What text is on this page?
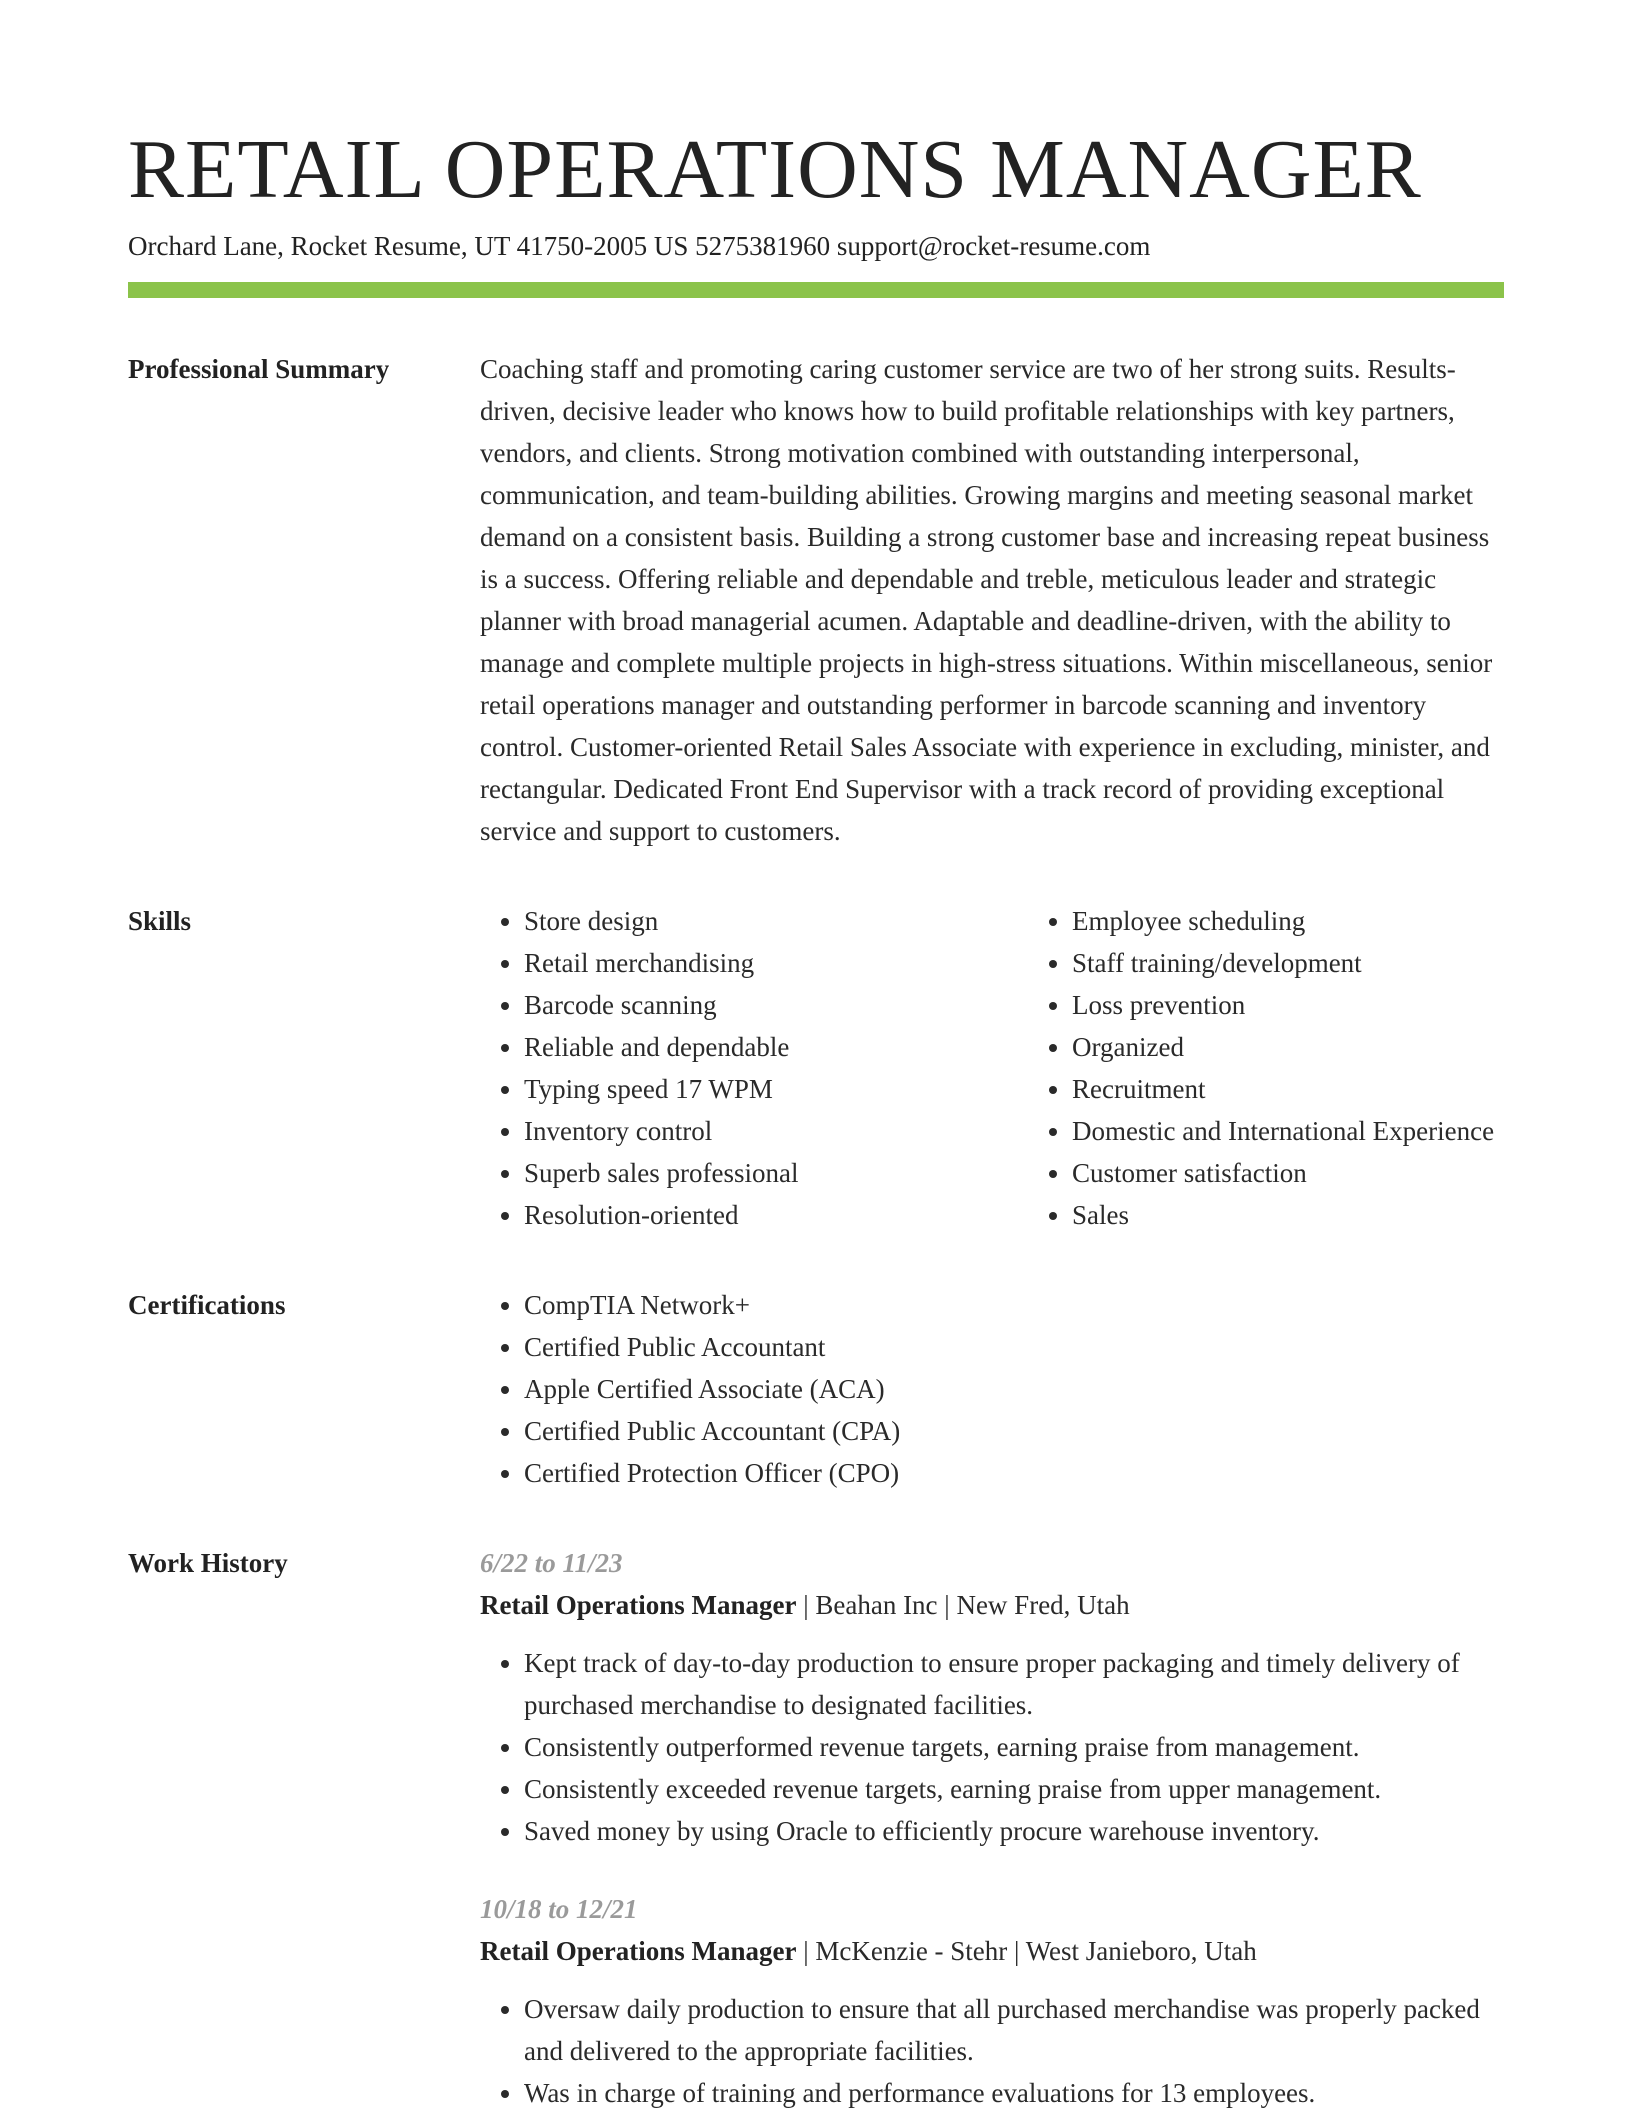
RETAIL OPERATIONS MANAGER
Orchard Lane, Rocket Resume, UT 41750-2005 US 5275381960 support@rocket-resume.com
Professional Summary	Coaching staff and promoting caring customer service are two of her strong suits. Results-driven, decisive leader who knows how to build profitable relationships with key partners, vendors, and clients. Strong motivation combined with outstanding interpersonal, communication, and team-building abilities. Growing margins and meeting seasonal market demand on a consistent basis. Building a strong customer base and increasing repeat business is a success. Offering reliable and dependable and treble, meticulous leader and strategic planner with broad managerial acumen. Adaptable and deadline-driven, with the ability to manage and complete multiple projects in high-stress situations. Within miscellaneous, senior retail operations manager and outstanding performer in barcode scanning and inventory control. Customer-oriented Retail Sales Associate with experience in excluding, minister, and rectangular. Dedicated Front End Supervisor with a track record of providing exceptional service and support to customers.

Skills	• Store design
• Retail merchandising
• Barcode scanning
• Reliable and dependable
• Typing speed 17 WPM
• Inventory control
• Superb sales professional
• Resolution-oriented
• Employee scheduling
• Staff training/development
• Loss prevention
• Organized
• Recruitment
• Domestic and International Experience
• Customer satisfaction
• Sales
Certifications	• CompTIA Network+
• Certified Public Accountant
• Apple Certified Associate (ACA)
• Certified Public Accountant (CPA)
• Certified Protection Officer (CPO)
Work History	6/22 to 11/23
Retail Operations Manager | Beahan Inc | New Fred, Utah
• Kept track of day-to-day production to ensure proper packaging and timely delivery of purchased merchandise to designated facilities.
• Consistently outperformed revenue targets, earning praise from management.
• Consistently exceeded revenue targets, earning praise from upper management.
• Saved money by using Oracle to efficiently procure warehouse inventory.
10/18 to 12/21
Retail Operations Manager | McKenzie - Stehr | West Janieboro, Utah
• Oversaw daily production to ensure that all purchased merchandise was properly packed and delivered to the appropriate facilities.
• Was in charge of training and performance evaluations for 13 employees.
